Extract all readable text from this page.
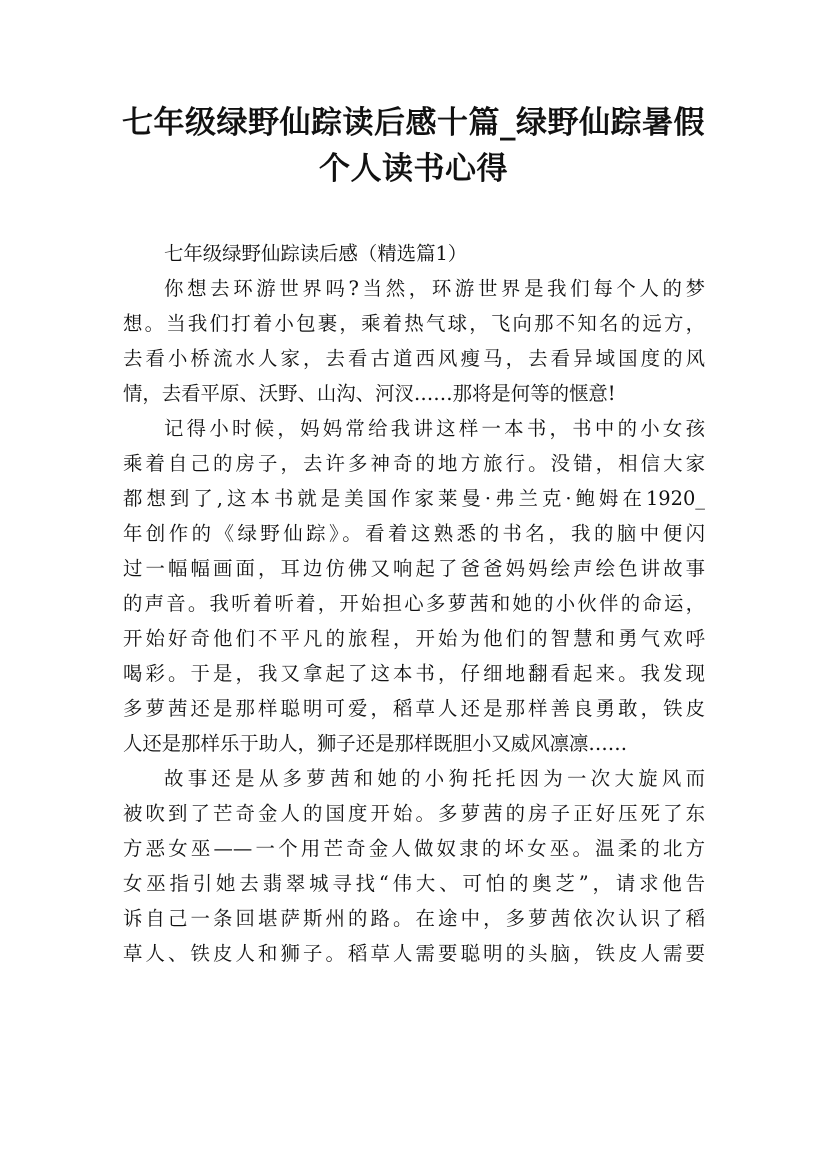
七年级绿野仙踪读后感十篇_绿野仙踪暑假
个人读书心得
七年级绿野仙踪读后感（精选篇1）
你想去环游世界吗?当然，环游世界是我们每个人的梦
想。当我们打着小包裹，乘着热气球，飞向那不知名的远方，
去看小桥流水人家，去看古道西风瘦马，去看异域国度的风
情，去看平原、沃野、山沟、河汊……那将是何等的惬意!
记得小时候，妈妈常给我讲这样一本书，书中的小女孩
乘着自己的房子，去许多神奇的地方旅行。没错，相信大家
都想到了,这本书就是美国作家莱曼·弗兰克·鲍姆在1920_
年创作的《绿野仙踪》。看着这熟悉的书名，我的脑中便闪
过一幅幅画面，耳边仿佛又响起了爸爸妈妈绘声绘色讲故事
的声音。我听着听着，开始担心多萝茜和她的小伙伴的命运，
开始好奇他们不平凡的旅程，开始为他们的智慧和勇气欢呼
喝彩。于是，我又拿起了这本书，仔细地翻看起来。我发现
多萝茜还是那样聪明可爱，稻草人还是那样善良勇敢，铁皮
人还是那样乐于助人，狮子还是那样既胆小又威风凛凛……
故事还是从多萝茜和她的小狗托托因为一次大旋风而
被吹到了芒奇金人的国度开始。多萝茜的房子正好压死了东
方恶女巫——一个用芒奇金人做奴隶的坏女巫。温柔的北方
女巫指引她去翡翠城寻找“伟大、可怕的奥芝”，请求他告
诉自己一条回堪萨斯州的路。在途中，多萝茜依次认识了稻
草人、铁皮人和狮子。稻草人需要聪明的头脑，铁皮人需要
